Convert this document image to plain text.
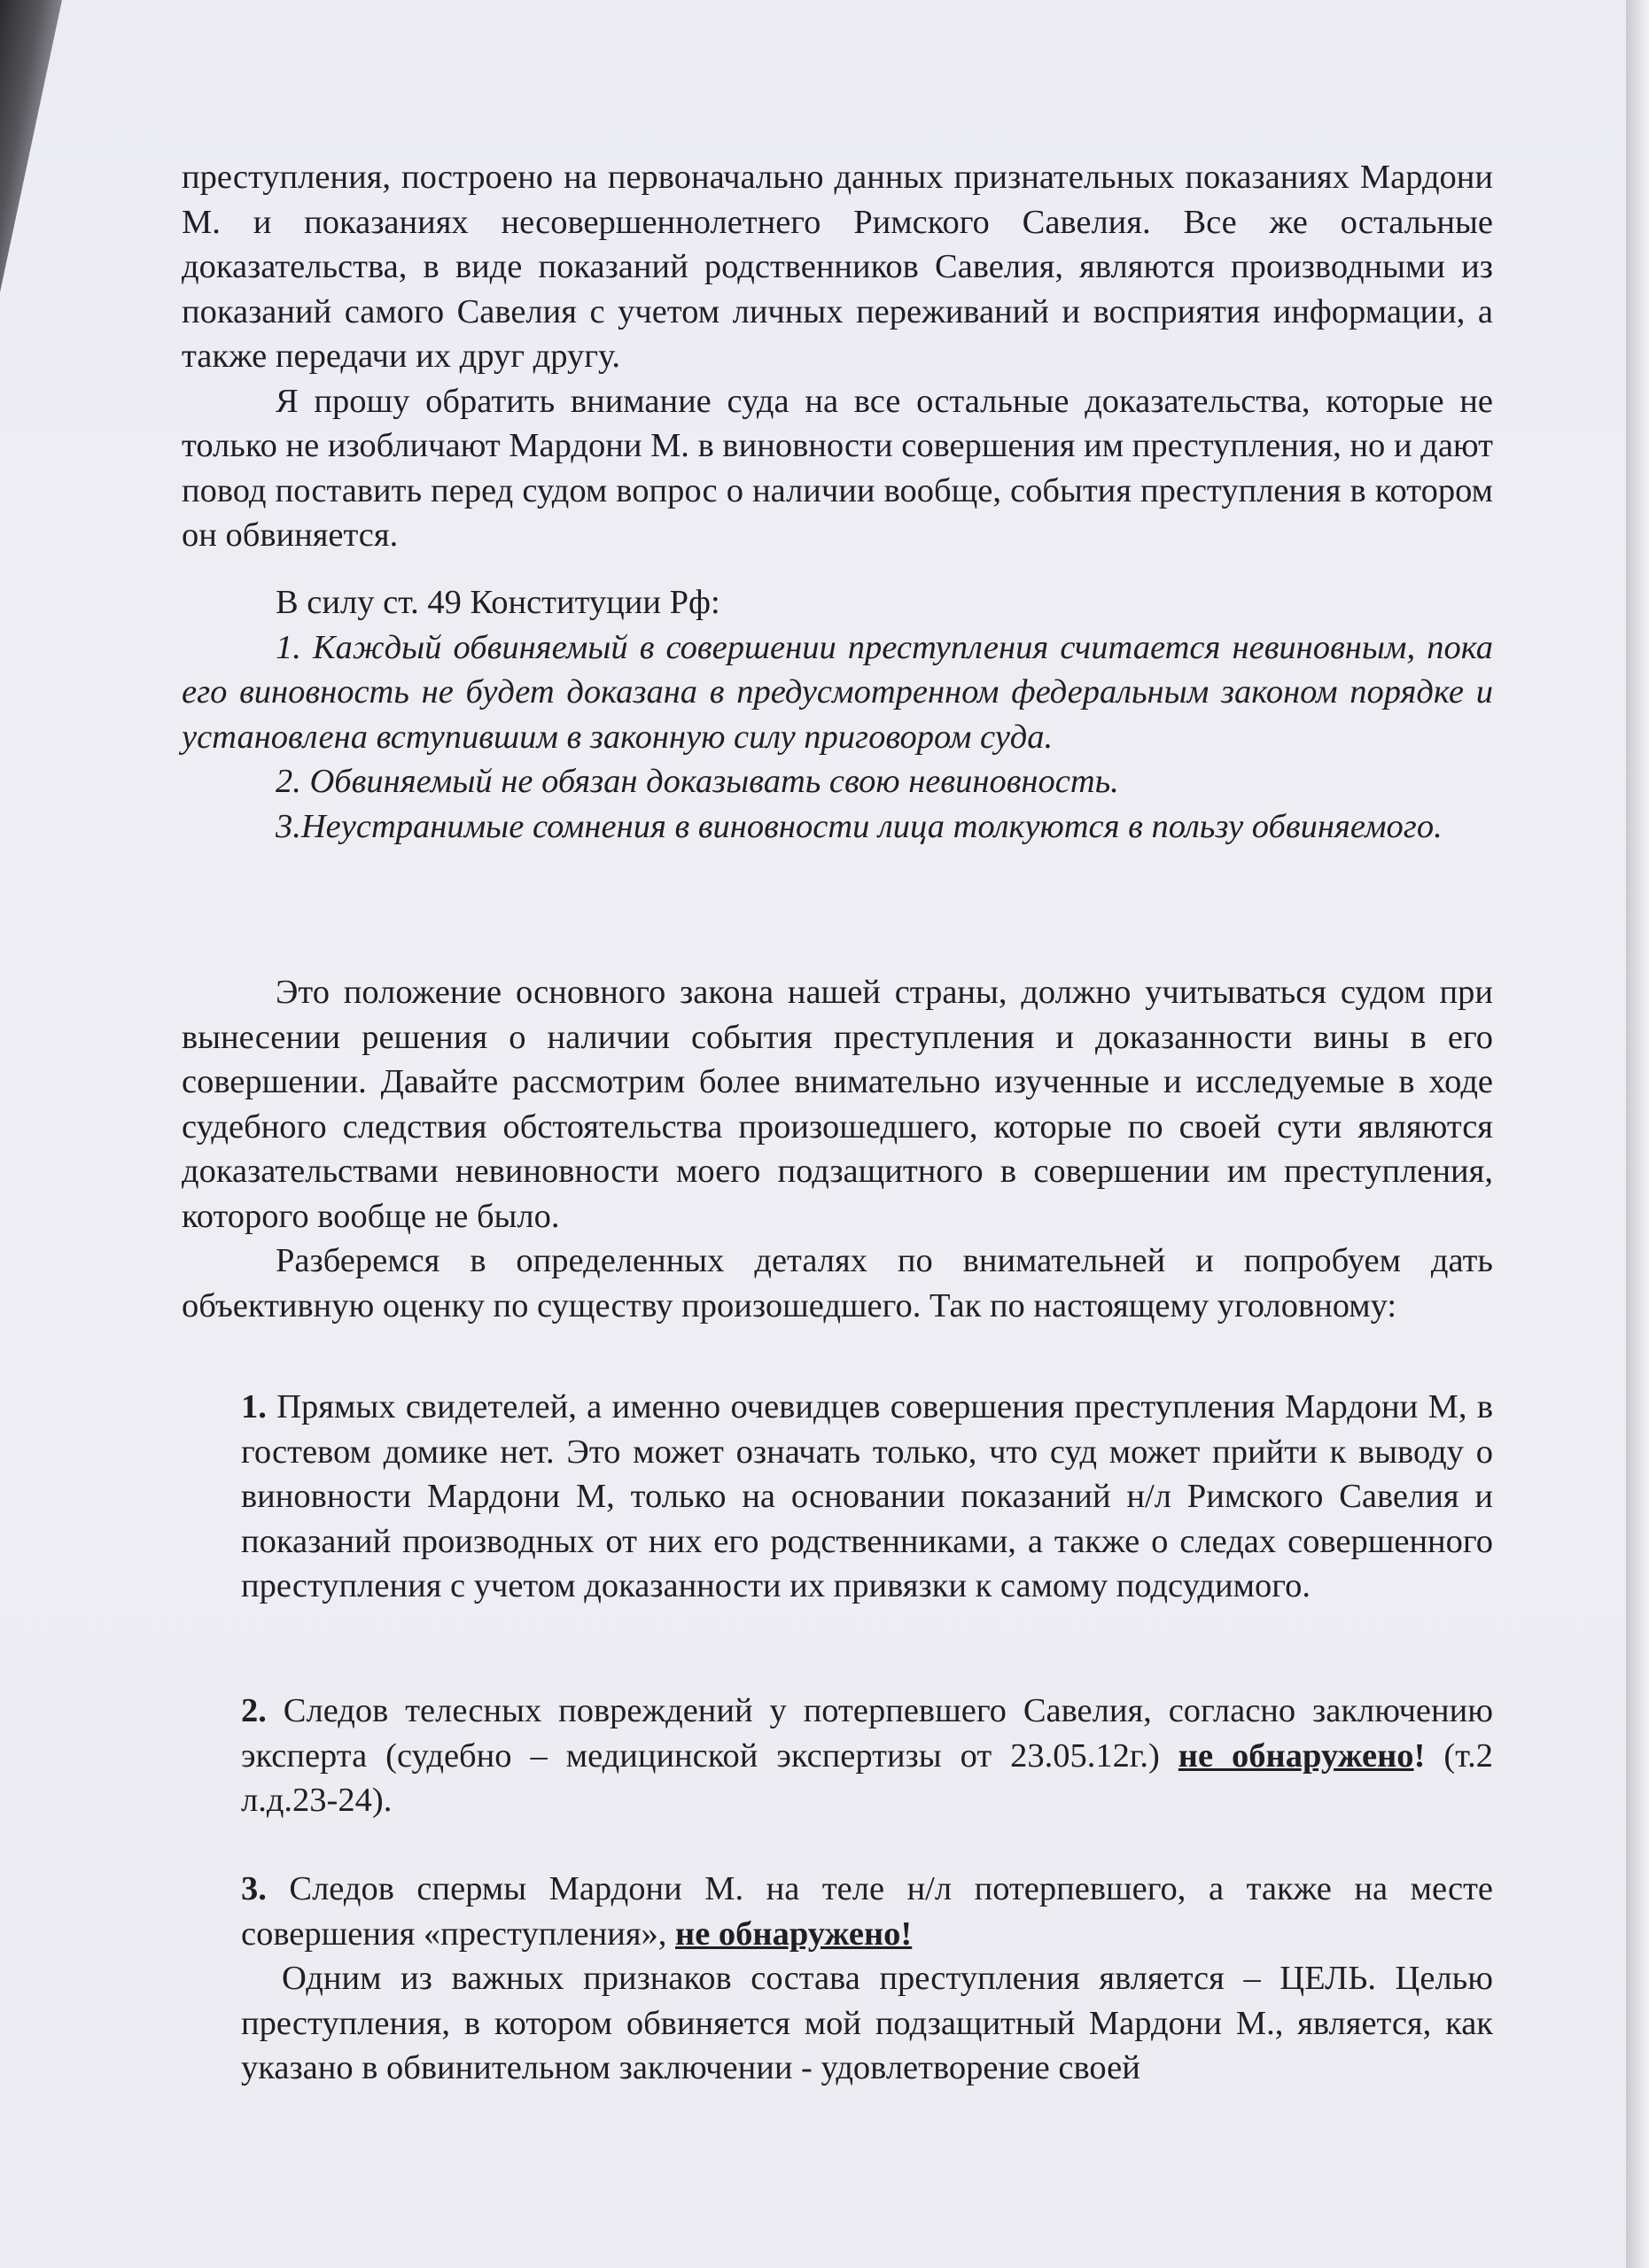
преступления, построено на первоначально данных признательных показаниях Мардони М. и показаниях несовершеннолетнего Римского Савелия. Все же остальные доказательства, в виде показаний родственников Савелия, являются производными из показаний самого Савелия с учетом личных переживаний и восприятия информации, а также передачи их друг другу.

Я прошу обратить внимание суда на все остальные доказательства, которые не только не изобличают Мардони М. в виновности совершения им преступления, но и дают повод поставить перед судом вопрос о наличии вообще, события преступления в котором он обвиняется.

В силу ст. 49 Конституции Рф:

1. Каждый обвиняемый в совершении преступления считается невиновным, пока его виновность не будет доказана в предусмотренном федеральным законом порядке и установлена вступившим в законную силу приговором суда.

2. Обвиняемый не обязан доказывать свою невиновность.

3.Неустранимые сомнения в виновности лица толкуются в пользу обвиняемого.

Это положение основного закона нашей страны, должно учитываться судом при вынесении решения о наличии события преступления и доказанности вины в его совершении. Давайте рассмотрим более внимательно изученные и исследуемые в ходе судебного следствия обстоятельства произошедшего, которые по своей сути являются доказательствами невиновности моего подзащитного в совершении им преступления, которого вообще не было.

Разберемся в определенных деталях по внимательней и попробуем дать объективную оценку по существу произошедшего. Так по настоящему уголовному:

1. Прямых свидетелей, а именно очевидцев совершения преступления Мардони М, в гостевом домике нет. Это может означать только, что суд может прийти к выводу о виновности Мардони М, только на основании показаний н/л Римского Савелия и показаний производных от них его родственниками, а также о следах совершенного преступления с учетом доказанности их привязки к самому подсудимого.

2. Следов телесных повреждений у потерпевшего Савелия, согласно заключению эксперта (судебно – медицинской экспертизы от 23.05.12г.) не обнаружено! (т.2 л.д.23-24).

3. Следов спермы Мардони М. на теле н/л потерпевшего, а также на месте совершения «преступления», не обнаружено!

Одним из важных признаков состава преступления является – ЦЕЛЬ. Целью преступления, в котором обвиняется мой подзащитный Мардони М., является, как указано в обвинительном заключении - удовлетворение своей
